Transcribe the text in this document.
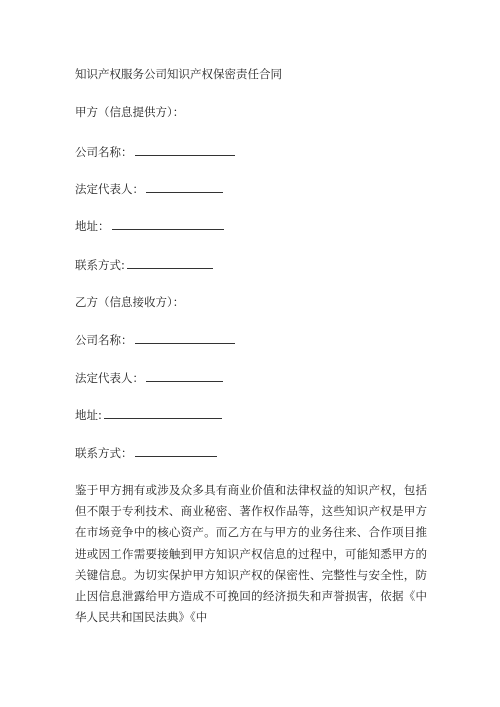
知识产权服务公司知识产权保密责任合同
甲方（信息提供方）：
公司名称：
法定代表人：
地址：
联系方式:
乙方（信息接收方）：
公司名称：
法定代表人：
地址:
联系方式：
鉴于甲方拥有或涉及众多具有商业价值和法律权益的知识产权，包括但不限于专利技术、商业秘密、著作权作品等，这些知识产权是甲方在市场竞争中的核心资产。而乙方在与甲方的业务往来、合作项目推进或因工作需要接触到甲方知识产权信息的过程中，可能知悉甲方的关键信息。为切实保护甲方知识产权的保密性、完整性与安全性，防止因信息泄露给甲方造成不可挽回的经济损失和声誉损害，依据《中华人民共和国民法典》《中
